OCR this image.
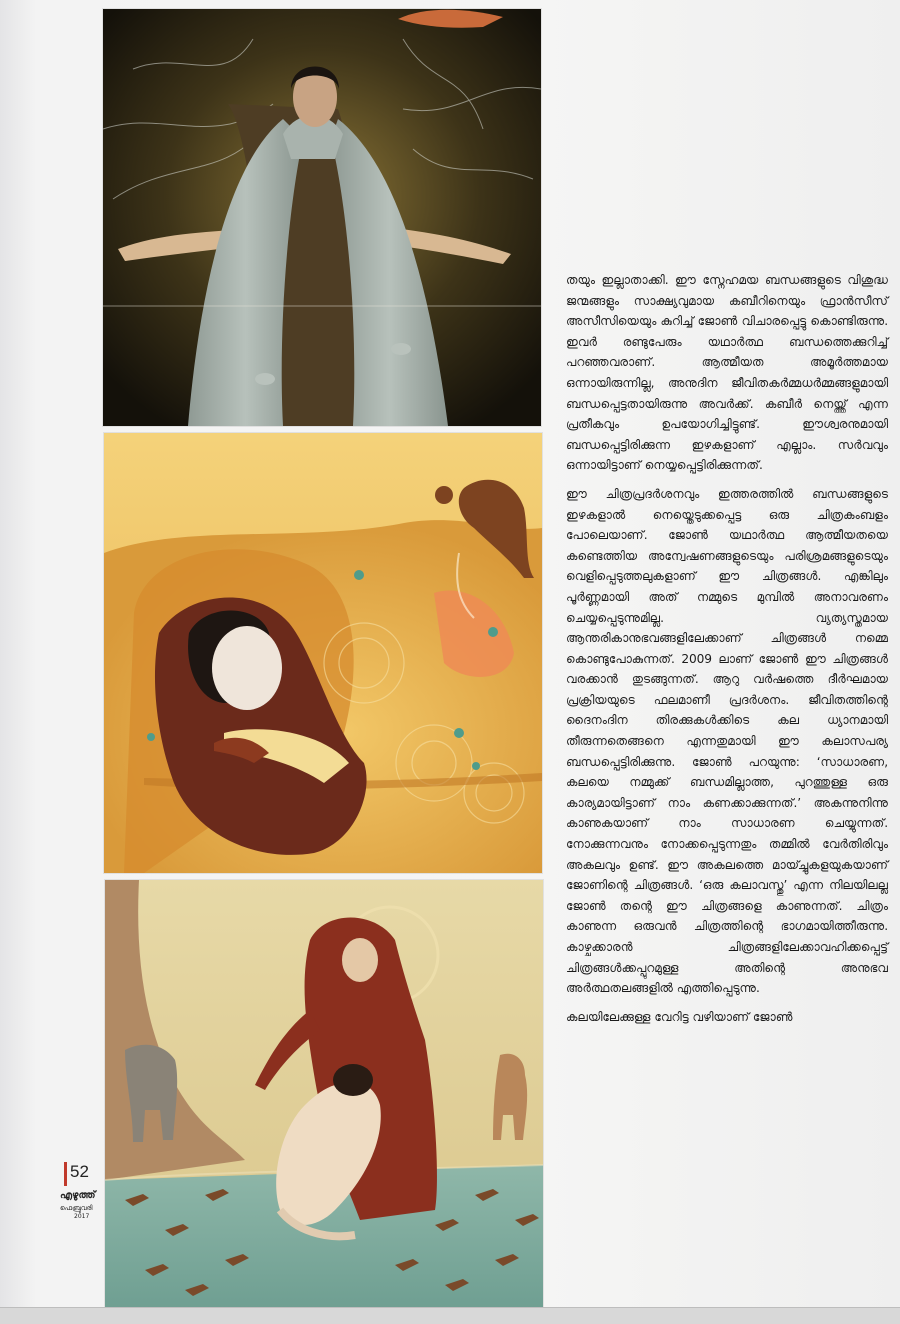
തയും ഇല്ലാതാക്കി. ഈ സ്നേഹമയ ബന്ധങ്ങളുടെ വിശുദ്ധ ജന്മങ്ങളും സാക്ഷ്യവുമായ കബീറിനെയും ഫ്രാൻസീസ് അസീസിയെയും കുറിച്ച് ജോൺ വിചാരപ്പെട്ടു കൊണ്ടിരുന്നു. ഇവർ രണ്ടുപേരും യഥാർത്ഥ ബന്ധത്തെക്കുറിച്ച് പറഞ്ഞവരാണ്. ആത്മീയത അമൂർത്തമായ ഒന്നായിരുന്നില്ല, അനുദിന ജീവിതകർമ്മധർമ്മങ്ങളുമായി ബന്ധപ്പെട്ടതായിരുന്നു അവർക്ക്. കബീർ നെയ്ത്ത് എന്ന പ്രതീകവും ഉപയോഗിച്ചിട്ടുണ്ട്. ഈശ്വരനുമായി ബന്ധപ്പെട്ടിരിക്കുന്ന ഇഴകളാണ് എല്ലാം. സർവവും ഒന്നായിട്ടാണ് നെയ്യപ്പെട്ടിരിക്കുന്നത്.

ഈ ചിത്രപ്രദർശനവും ഇത്തരത്തിൽ ബന്ധങ്ങളുടെ ഇഴകളാൽ നെയ്തെടുക്കപ്പെട്ട ഒരു ചിത്രകംബളം പോലെയാണ്. ജോൺ യഥാർത്ഥ ആത്മീയതയെ കണ്ടെത്തിയ അന്വേഷണങ്ങളുടെയും പരിശ്രമങ്ങളുടെയും വെളിപ്പെടുത്തലുകളാണ് ഈ ചിത്രങ്ങൾ. എങ്കിലും പൂർണ്ണമായി അത് നമ്മുടെ മുമ്പിൽ അനാവരണം ചെയ്യപ്പെടുന്നുമില്ല. വ്യത്യസ്തമായ ആന്തരികാനുഭവങ്ങളിലേക്കാണ് ചിത്രങ്ങൾ നമ്മെ കൊണ്ടുപോകുന്നത്. 2009 ലാണ് ജോൺ ഈ ചിത്രങ്ങൾ വരക്കാൻ തുടങ്ങുന്നത്. ആറു വർഷത്തെ ദീർഘമായ പ്രക്രിയയുടെ ഫലമാണീ പ്രദർശനം. ജീവിതത്തിന്റെ ദൈനംദിന തിരക്കുകൾക്കിടെ കല ധ്യാനമായി തീരുന്നതെങ്ങനെ എന്നതുമായി ഈ കലാസപര്യ ബന്ധപ്പെട്ടിരിക്കുന്നു. ജോൺ പറയുന്നു: ‘സാധാരണ, കലയെ നമ്മുക്ക് ബന്ധമില്ലാത്ത, പുറത്തുള്ള ഒരു കാര്യമായിട്ടാണ് നാം കണക്കാക്കുന്നത്.’ അകന്നുനിന്നു കാണുകയാണ് നാം സാധാരണ ചെയ്യുന്നത്. നോക്കുന്നവനും നോക്കപ്പെടുന്നതും തമ്മിൽ വേർതിരിവും അകലവും ഉണ്ട്. ഈ അകലത്തെ മായ്ച്ചുകളയുകയാണ് ജോണിന്റെ ചിത്രങ്ങൾ. ‘ഒരു കലാവസ്തു’ എന്ന നിലയിലല്ല ജോൺ തന്റെ ഈ ചിത്രങ്ങളെ കാണുന്നത്. ചിത്രം കാണുന്ന ഒരുവൻ ചിത്രത്തിന്റെ ഭാഗമായിത്തീരുന്നു. കാഴ്ചക്കാരൻ ചിത്രങ്ങളിലേക്കാവഹിക്കപ്പെട്ട് ചിത്രങ്ങൾക്കപ്പുറമുള്ള അതിന്റെ അനുഭവ അർത്ഥതലങ്ങളിൽ എത്തിപ്പെടുന്നു.

കലയിലേക്കുള്ള വേറിട്ട വഴിയാണ് ജോൺ

52
എഴുത്ത്
ഫെബ്രുവരി
2017
